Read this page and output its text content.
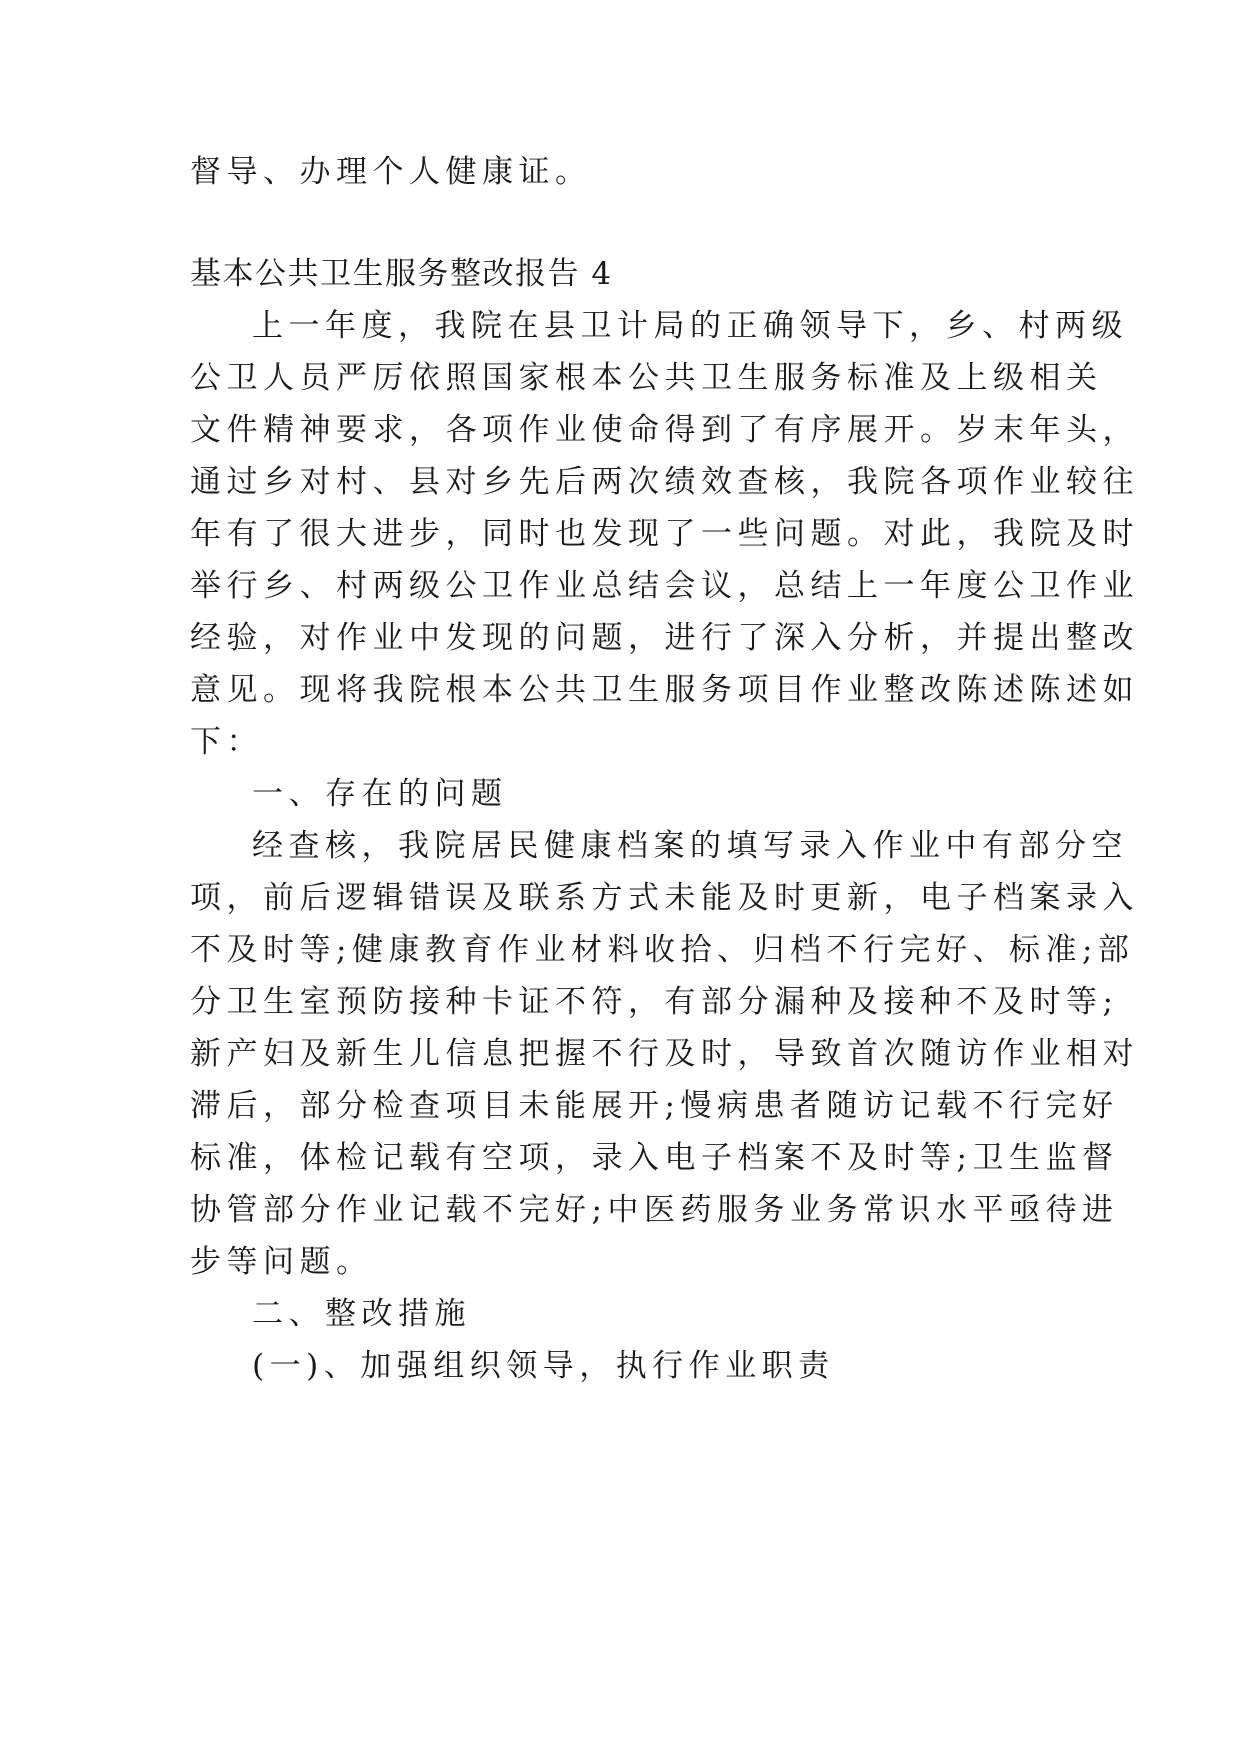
督导、办理个人健康证。
基本公共卫生服务整改报告 4
上一年度，我院在县卫计局的正确领导下，乡、村两级
公卫人员严厉依照国家根本公共卫生服务标准及上级相关
文件精神要求，各项作业使命得到了有序展开。岁末年头，
通过乡对村、县对乡先后两次绩效查核，我院各项作业较往
年有了很大进步，同时也发现了一些问题。对此，我院及时
举行乡、村两级公卫作业总结会议，总结上一年度公卫作业
经验，对作业中发现的问题，进行了深入分析，并提出整改
意见。现将我院根本公共卫生服务项目作业整改陈述陈述如
下：
一、存在的问题
经查核，我院居民健康档案的填写录入作业中有部分空
项，前后逻辑错误及联系方式未能及时更新，电子档案录入
不及时等;健康教育作业材料收拾、归档不行完好、标准;部
分卫生室预防接种卡证不符，有部分漏种及接种不及时等;
新产妇及新生儿信息把握不行及时，导致首次随访作业相对
滞后，部分检查项目未能展开;慢病患者随访记载不行完好
标准，体检记载有空项，录入电子档案不及时等;卫生监督
协管部分作业记载不完好;中医药服务业务常识水平亟待进
步等问题。
二、整改措施
(一)、加强组织领导，执行作业职责
